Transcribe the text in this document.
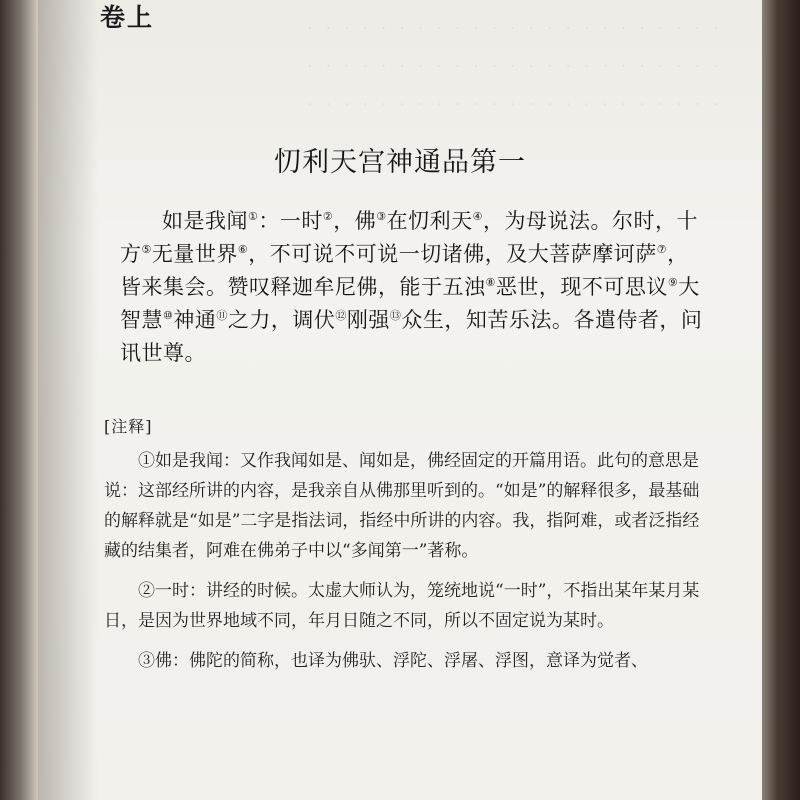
·　·　·　·　·　·　·　·　·　·　·　·　·　·　·　·　·　·　·　·　·　·　·
·　·　·　·　·　·　·　·　·　·　·　·　·　·　·　·　·　·　·　·　·　·　·
·　·　·　·　·　·　·　·　·　·　·　·　·　·　·　·　·　·　·　·　·　·　·
卷上
忉利天宫神通品第一

如是我闻①：一时②，佛③在忉利天④，为母说法。尔时，十方⑤无量世界⑥，不可说不可说一切诸佛，及大菩萨摩诃萨⑦，皆来集会。赞叹释迦牟尼佛，能于五浊⑧恶世，现不可思议⑨大智慧⑩神通⑪之力，调伏⑫刚强⑬众生，知苦乐法。各遣侍者，问讯世尊。

[注释]

①如是我闻：又作我闻如是、闻如是，佛经固定的开篇用语。此句的意思是说：这部经所讲的内容，是我亲自从佛那里听到的。“如是”的解释很多，最基础的解释就是“如是”二字是指法词，指经中所讲的内容。我，指阿难，或者泛指经藏的结集者，阿难在佛弟子中以“多闻第一”著称。

②一时：讲经的时候。太虚大师认为，笼统地说“一时”，不指出某年某月某日，是因为世界地域不同，年月日随之不同，所以不固定说为某时。

③佛：佛陀的简称，也译为佛驮、浮陀、浮屠、浮图，意译为觉者、
